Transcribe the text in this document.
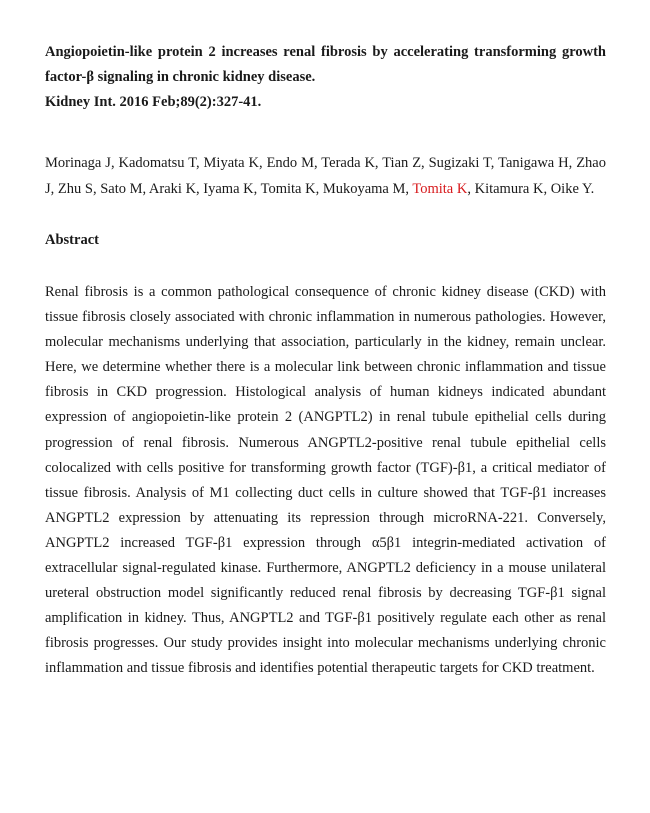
Angiopoietin-like protein 2 increases renal fibrosis by accelerating transforming growth factor-β signaling in chronic kidney disease.

Kidney Int. 2016 Feb;89(2):327-41.

Morinaga J, Kadomatsu T, Miyata K, Endo M, Terada K, Tian Z, Sugizaki T, Tanigawa H, Zhao J, Zhu S, Sato M, Araki K, Iyama K, Tomita K, Mukoyama M, Tomita K, Kitamura K, Oike Y.
Abstract
Renal fibrosis is a common pathological consequence of chronic kidney disease (CKD) with tissue fibrosis closely associated with chronic inflammation in numerous pathologies. However, molecular mechanisms underlying that association, particularly in the kidney, remain unclear. Here, we determine whether there is a molecular link between chronic inflammation and tissue fibrosis in CKD progression. Histological analysis of human kidneys indicated abundant expression of angiopoietin-like protein 2 (ANGPTL2) in renal tubule epithelial cells during progression of renal fibrosis. Numerous ANGPTL2-positive renal tubule epithelial cells colocalized with cells positive for transforming growth factor (TGF)-β1, a critical mediator of tissue fibrosis. Analysis of M1 collecting duct cells in culture showed that TGF-β1 increases ANGPTL2 expression by attenuating its repression through microRNA-221. Conversely, ANGPTL2 increased TGF-β1 expression through α5β1 integrin-mediated activation of extracellular signal-regulated kinase. Furthermore, ANGPTL2 deficiency in a mouse unilateral ureteral obstruction model significantly reduced renal fibrosis by decreasing TGF-β1 signal amplification in kidney. Thus, ANGPTL2 and TGF-β1 positively regulate each other as renal fibrosis progresses. Our study provides insight into molecular mechanisms underlying chronic inflammation and tissue fibrosis and identifies potential therapeutic targets for CKD treatment.
